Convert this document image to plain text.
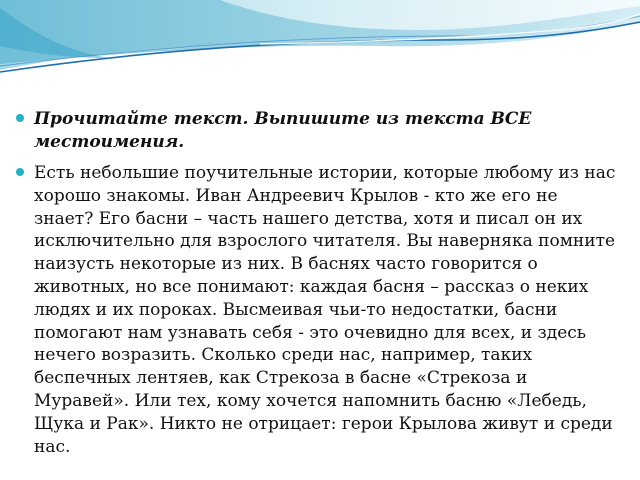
Прочитайте текст. Выпишите из текста ВСЕ местоимения.
Есть небольшие поучительные истории, которые любому из нас хорошо знакомы. Иван Андреевич Крылов - кто же его не знает? Его басни – часть нашего детства, хотя и писал он их исключительно для взрослого читателя. Вы наверняка помните наизусть некоторые из них. В баснях часто говорится о животных, но все понимают: каждая басня – рассказ о неких людях и их пороках. Высмеивая чьи-то недостатки, басни помогают нам узнавать себя - это очевидно для всех, и здесь нечего возразить. Сколько среди нас, например, таких беспечных лентяев, как Стрекоза в басне «Стрекоза и Муравей». Или тех, кому хочется напомнить басню «Лебедь, Щука и Рак». Никто не отрицает: герои Крылова живут и среди нас.
